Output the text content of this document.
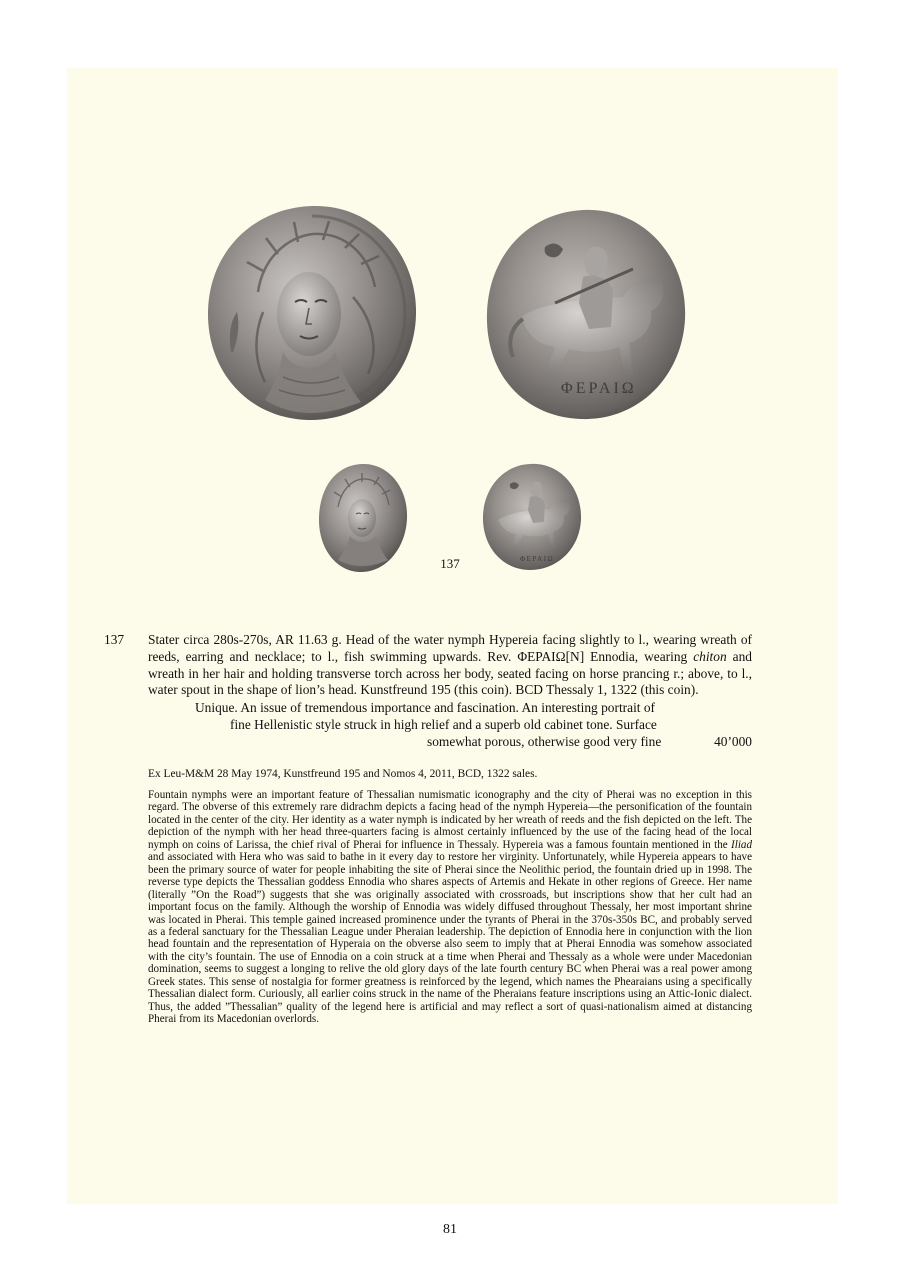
ΦΕΡΑΙΩ
ΦΕΡΑΙΩ
137
137 Stater circa 280s-270s, AR 11.63 g. Head of the water nymph Hypereia facing slightly to l., wearing wreath of reeds, earring and necklace; to l., fish swimming upwards. Rev. ΦΕΡΑΙΩ[Ν] Ennodia, wearing chiton and wreath in her hair and holding transverse torch across her body, seated facing on horse prancing r.; above, to l., water spout in the shape of lion’s head. Kunstfreund 195 (this coin). BCD Thessaly 1, 1322 (this coin).
Unique. An issue of tremendous importance and fascination. An interesting portrait of
fine Hellenistic style struck in high relief and a superb old cabinet tone. Surface
somewhat porous, otherwise good very fine	40’000
Ex Leu-M&M 28 May 1974, Kunstfreund 195 and Nomos 4, 2011, BCD, 1322 sales.
Fountain nymphs were an important feature of Thessalian numismatic iconography and the city of Pherai was no exception in this regard. The obverse of this extremely rare didrachm depicts a facing head of the nymph Hypereia—the personification of the fountain located in the center of the city. Her identity as a water nymph is indicated by her wreath of reeds and the fish depicted on the left. The depiction of the nymph with her head three-quarters facing is almost certainly influenced by the use of the facing head of the local nymph on coins of Larissa, the chief rival of Pherai for influence in Thessaly. Hypereia was a famous fountain mentioned in the Iliad and associated with Hera who was said to bathe in it every day to restore her virginity. Unfortunately, while Hypereia appears to have been the primary source of water for people inhabiting the site of Pherai since the Neolithic period, the fountain dried up in 1998. The reverse type depicts the Thessalian goddess Ennodia who shares aspects of Artemis and Hekate in other regions of Greece. Her name (literally ”On the Road”) suggests that she was originally associated with crossroads, but inscriptions show that her cult had an important focus on the family. Although the worship of Ennodia was widely diffused throughout Thessaly, her most important shrine was located in Pherai. This temple gained increased prominence under the tyrants of Pherai in the 370s-350s BC, and probably served as a federal sanctuary for the Thessalian League under Pheraian leadership. The depiction of Ennodia here in conjunction with the lion head fountain and the representation of Hyperaia on the obverse also seem to imply that at Pherai Ennodia was somehow associated with the city’s fountain. The use of Ennodia on a coin struck at a time when Pherai and Thessaly as a whole were under Macedonian domination, seems to suggest a longing to relive the old glory days of the late fourth century BC when Pherai was a real power among Greek states. This sense of nostalgia for former greatness is reinforced by the legend, which names the Phearaians using a specifically Thessalian dialect form. Curiously, all earlier coins struck in the name of the Pheraians feature inscriptions using an Attic-Ionic dialect. Thus, the added ”Thessalian” quality of the legend here is artificial and may reflect a sort of quasi-nationalism aimed at distancing Pherai from its Macedonian overlords.
81
